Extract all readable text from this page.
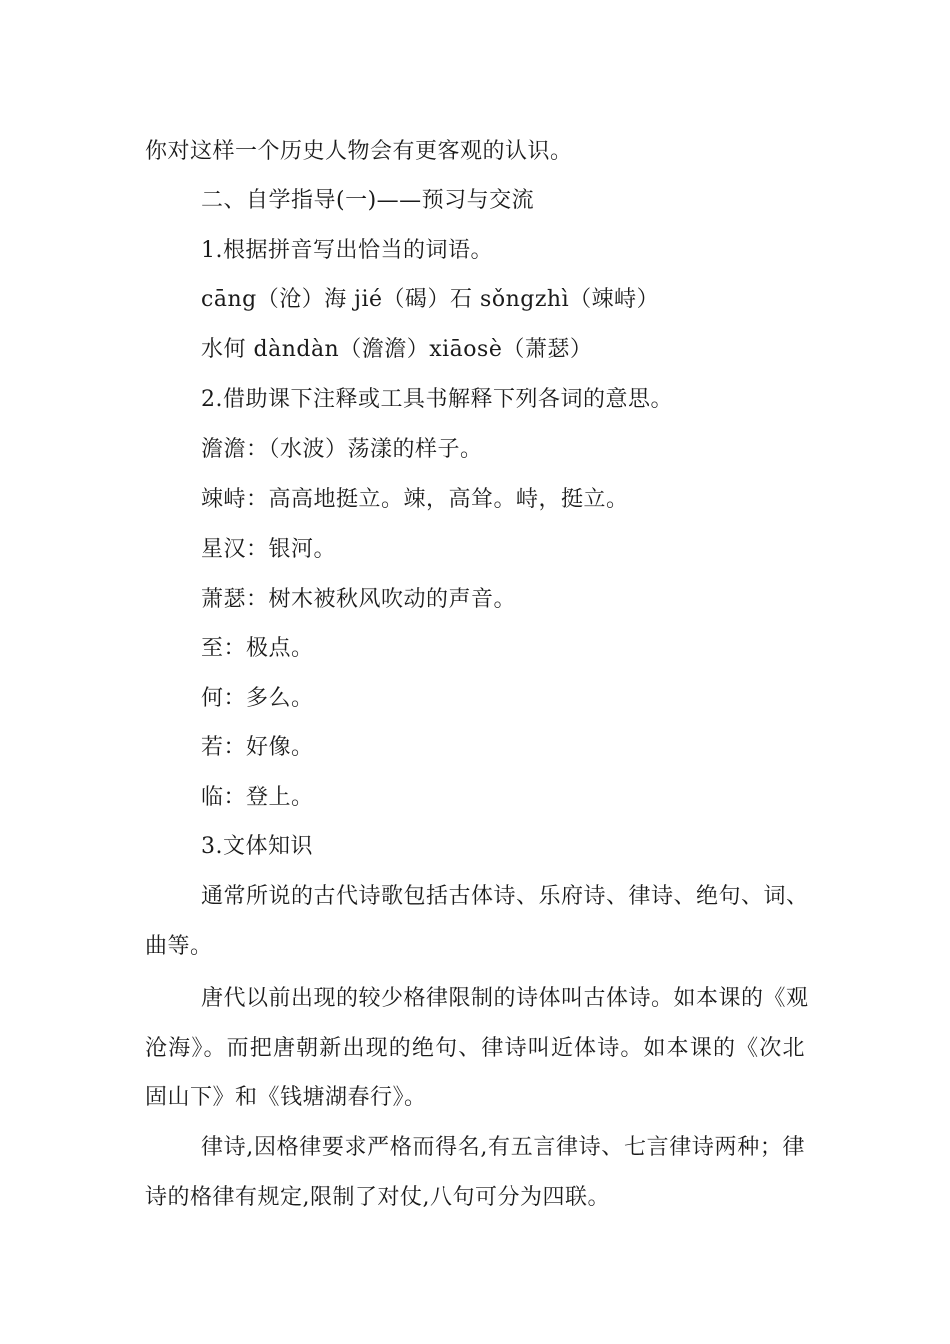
你对这样一个历史人物会有更客观的认识。
二、自学指导(一)——预习与交流
1.根据拼音写出恰当的词语。
cāng（沧）海 jié（碣）石 sǒngzhì（竦峙）
水何 dàndàn（澹澹）xiāosè（萧瑟）
2.借助课下注释或工具书解释下列各词的意思。
澹澹：（水波）荡漾的样子。
竦峙：高高地挺立。竦，高耸。峙，挺立。
星汉：银河。
萧瑟：树木被秋风吹动的声音。
至：极点。
何：多么。
若：好像。
临：登上。
3.文体知识
通常所说的古代诗歌包括古体诗、乐府诗、律诗、绝句、词、
曲等。
唐代以前出现的较少格律限制的诗体叫古体诗。如本课的《观
沧海》。而把唐朝新出现的绝句、律诗叫近体诗。如本课的《次北
固山下》和《钱塘湖春行》。
律诗,因格律要求严格而得名,有五言律诗、七言律诗两种；律
诗的格律有规定,限制了对仗,八句可分为四联。
